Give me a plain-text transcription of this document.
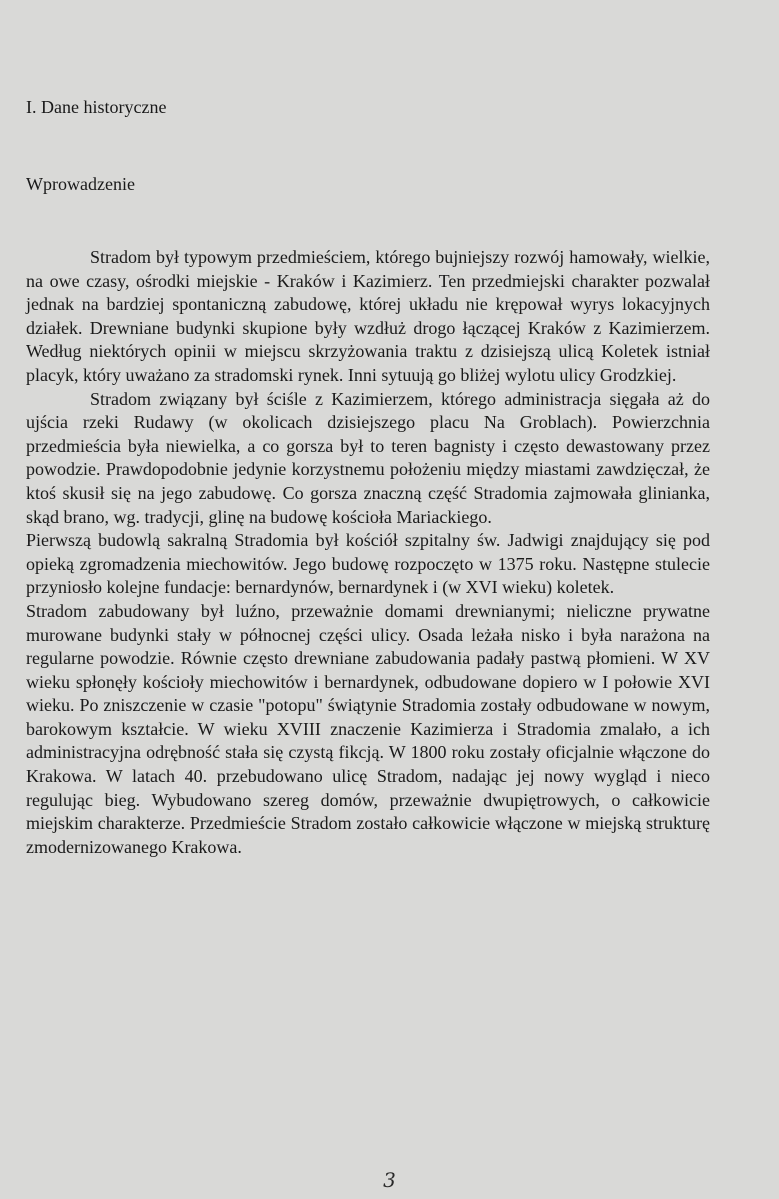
I. Dane historyczne

Wprowadzenie

Stradom był typowym przedmieściem, którego bujniejszy rozwój hamowały, wielkie, na owe czasy, ośrodki miejskie - Kraków i Kazimierz. Ten przedmiejski charakter pozwalał jednak na bardziej spontaniczną zabudowę, której układu nie krępował wyrys lokacyjnych działek. Drewniane budynki skupione były wzdłuż drogo łączącej Kraków z Kazimierzem. Według niektórych opinii w miejscu skrzyżowania traktu z dzisiejszą ulicą Koletek istniał placyk, który uważano za stradomski rynek. Inni sytuują go bliżej wylotu ulicy Grodzkiej.

Stradom związany był ściśle z Kazimierzem, którego administracja sięgała aż do ujścia rzeki Rudawy (w okolicach dzisiejszego placu Na Groblach). Powierzchnia przedmieścia była niewielka, a co gorsza był to teren bagnisty i często dewastowany przez powodzie. Prawdopodobnie jedynie korzystnemu położeniu między miastami zawdzięczał, że ktoś skusił się na jego zabudowę. Co gorsza znaczną część Stradomia zajmowała glinianka, skąd brano, wg. tradycji, glinę na budowę kościoła Mariackiego.

Pierwszą budowlą sakralną Stradomia był kościół szpitalny św. Jadwigi znajdujący się pod opieką zgromadzenia miechowitów. Jego budowę rozpoczęto w 1375 roku. Następne stulecie przyniosło kolejne fundacje: bernardynów, bernardynek i (w XVI wieku) koletek.

Stradom zabudowany był luźno, przeważnie domami drewnianymi; nieliczne prywatne murowane budynki stały w północnej części ulicy. Osada leżała nisko i była narażona na regularne powodzie. Równie często drewniane zabudowania padały pastwą płomieni. W XV wieku spłonęły kościoły miechowitów i bernardynek, odbudowane dopiero w I połowie XVI wieku. Po zniszczenie w czasie "potopu" świątynie Stradomia zostały odbudowane w nowym, barokowym kształcie. W wieku XVIII znaczenie Kazimierza i Stradomia zmalało, a ich administracyjna odrębność stała się czystą fikcją. W 1800 roku zostały oficjalnie włączone do Krakowa. W latach 40. przebudowano ulicę Stradom, nadając jej nowy wygląd i nieco regulując bieg. Wybudowano szereg domów, przeważnie dwupiętrowych, o całkowicie miejskim charakterze. Przedmieście Stradom zostało całkowicie włączone w miejską strukturę zmodernizowanego Krakowa.

3
